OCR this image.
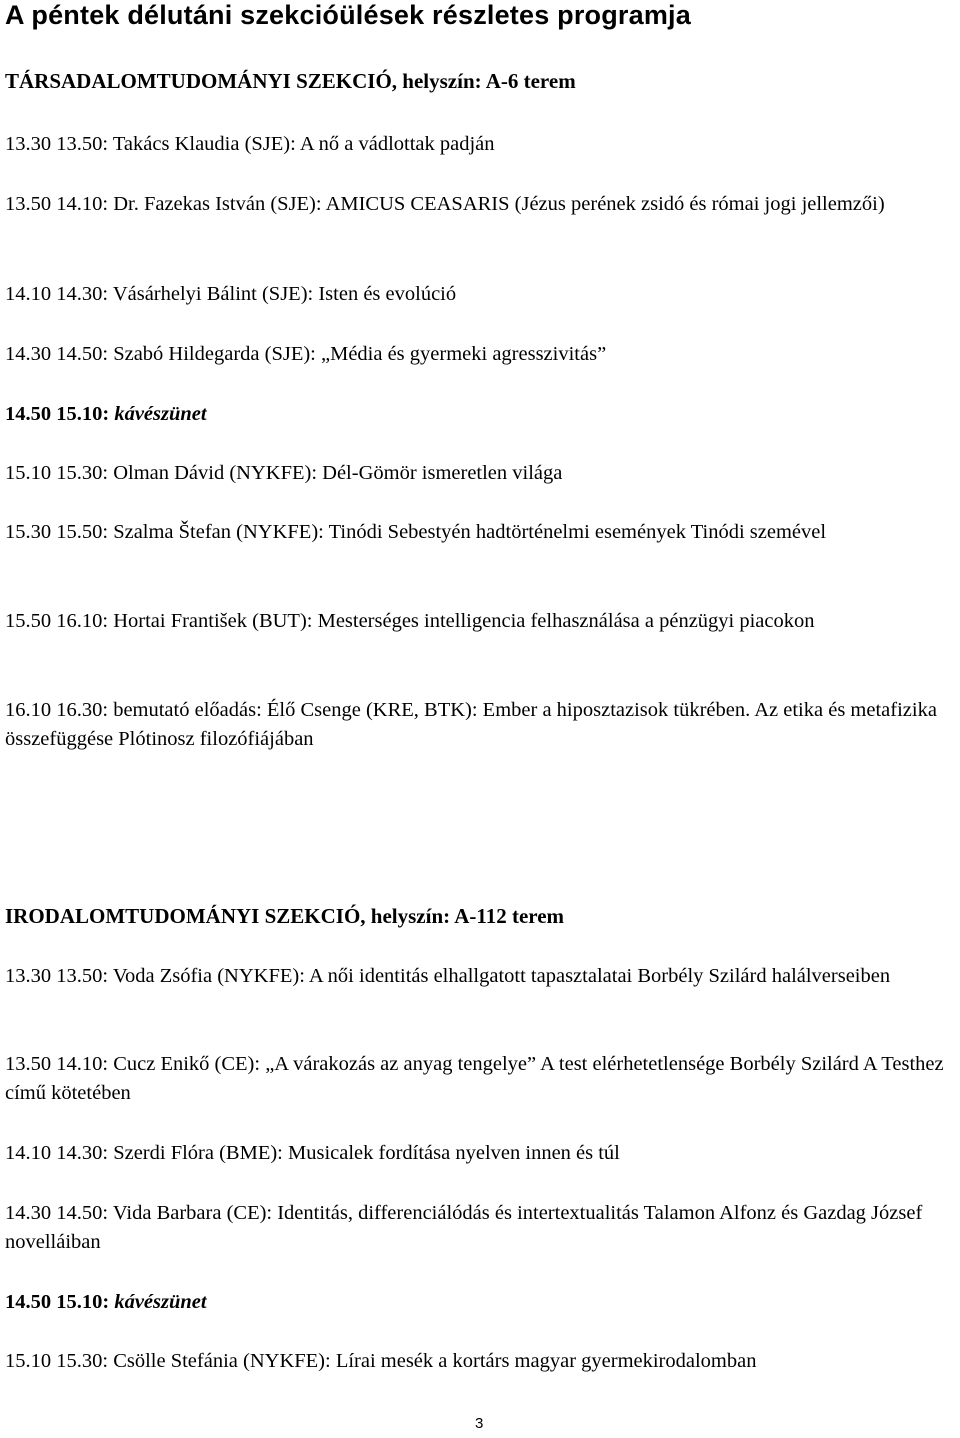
A péntek délutáni szekcióülések részletes programja

TÁRSADALOMTUDOMÁNYI SZEKCIÓ, helyszín: A-6 terem

13.30 13.50: Takács Klaudia (SJE): A nő a vádlottak padján

13.50 14.10: Dr. Fazekas István (SJE): AMICUS CEASARIS (Jézus perének zsidó és római jogi jellemzői)

14.10 14.30: Vásárhelyi Bálint (SJE): Isten és evolúció

14.30 14.50: Szabó Hildegarda (SJE): „Média és gyermeki agresszivitás”

14.50 15.10: kávészünet

15.10 15.30: Olman Dávid (NYKFE): Dél-Gömör ismeretlen világa

15.30 15.50: Szalma Štefan (NYKFE): Tinódi Sebestyén hadtörténelmi események Tinódi szemével

15.50 16.10: Hortai František (BUT): Mesterséges intelligencia felhasználása a pénzügyi piacokon

16.10 16.30: bemutató előadás: Élő Csenge (KRE, BTK): Ember a hiposztazisok tükrében. Az etika és metafizika összefüggése Plótinosz filozófiájában

IRODALOMTUDOMÁNYI SZEKCIÓ, helyszín: A-112 terem

13.30 13.50: Voda Zsófia (NYKFE): A női identitás elhallgatott tapasztalatai Borbély Szilárd halálverseiben

13.50 14.10: Cucz Enikő (CE): „A várakozás az anyag tengelye” A test elérhetetlensége Borbély Szilárd A Testhez című kötetében

14.10 14.30: Szerdi Flóra (BME): Musicalek fordítása nyelven innen és túl

14.30 14.50: Vida Barbara (CE): Identitás, differenciálódás és intertextualitás Talamon Alfonz és Gazdag József novelláiban

14.50 15.10: kávészünet

15.10 15.30: Csölle Stefánia (NYKFE): Lírai mesék a kortárs magyar gyermekirodalomban

3
